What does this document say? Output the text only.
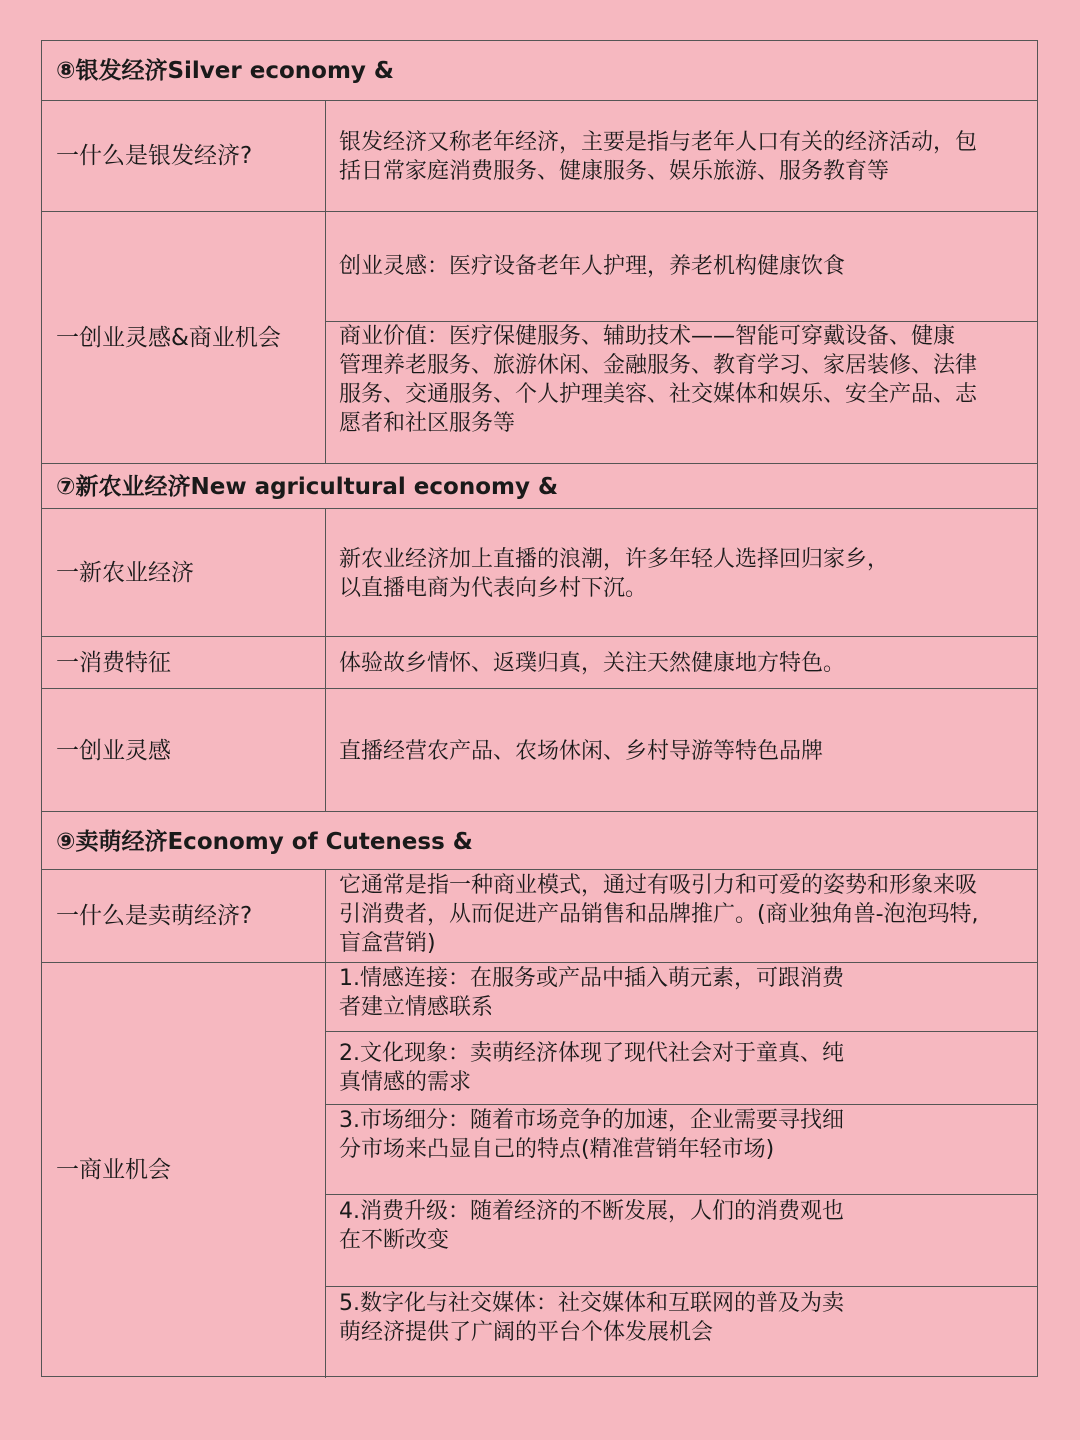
⑧银发经济Silver economy &
一什么是银发经济?
银发经济又称老年经济，主要是指与老年人口有关的经济活动，包
括日常家庭消费服务、健康服务、娱乐旅游、服务教育等
一创业灵感&商业机会
创业灵感：医疗设备老年人护理，养老机构健康饮食
商业价值：医疗保健服务、辅助技术——智能可穿戴设备、健康
管理养老服务、旅游休闲、金融服务、教育学习、家居装修、法律
服务、交通服务、个人护理美容、社交媒体和娱乐、安全产品、志
愿者和社区服务等
⑦新农业经济New agricultural economy &
一新农业经济
新农业经济加上直播的浪潮，许多年轻人选择回归家乡，
以直播电商为代表向乡村下沉。
一消费特征	体验故乡情怀、返璞归真，关注天然健康地方特色。
一创业灵感	直播经营农产品、农场休闲、乡村导游等特色品牌
⑨卖萌经济Economy of Cuteness &
一什么是卖萌经济?
它通常是指一种商业模式，通过有吸引力和可爱的姿势和形象来吸
引消费者，从而促进产品销售和品牌推广。(商业独角兽-泡泡玛特,
盲盒营销)
一商业机会
1.情感连接：在服务或产品中插入萌元素，可跟消费
者建立情感联系
2.文化现象：卖萌经济体现了现代社会对于童真、纯
真情感的需求
3.市场细分：随着市场竞争的加速，企业需要寻找细
分市场来凸显自己的特点(精准营销年轻市场)
4.消费升级：随着经济的不断发展，人们的消费观也
在不断改变
5.数字化与社交媒体：社交媒体和互联网的普及为卖
萌经济提供了广阔的平台个体发展机会
